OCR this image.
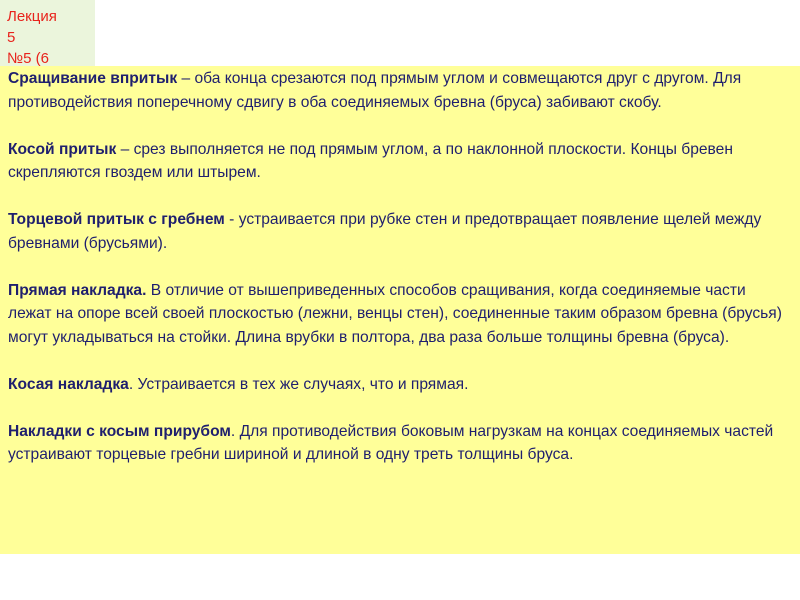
Лекция
5
№5 (6

Сращивание впритык – оба конца срезаются под прямым углом и совмещаются друг с другом. Для противодействия поперечному сдвигу в оба соединяемых бревна (бруса) забивают скобу.

Косой притык – срез выполняется не под прямым углом, а по наклонной плоскости. Концы бревен скрепляются гвоздем или штырем.

Торцевой притык с гребнем - устраивается при рубке стен и предотвращает появление щелей между бревнами (брусьями).

Прямая накладка. В отличие от вышеприведенных способов сращивания, когда соединяемые части лежат на опоре всей своей плоскостью (лежни, венцы стен), соединенные таким образом бревна (брусья) могут укладываться на стойки. Длина врубки в полтора, два раза больше толщины бревна (бруса).

Косая накладка. Устраивается в тех же случаях, что и прямая.

Накладки с косым прирубом. Для противодействия боковым нагрузкам на концах соединяемых частей устраивают торцевые гребни шириной и длиной в одну треть толщины бруса.
